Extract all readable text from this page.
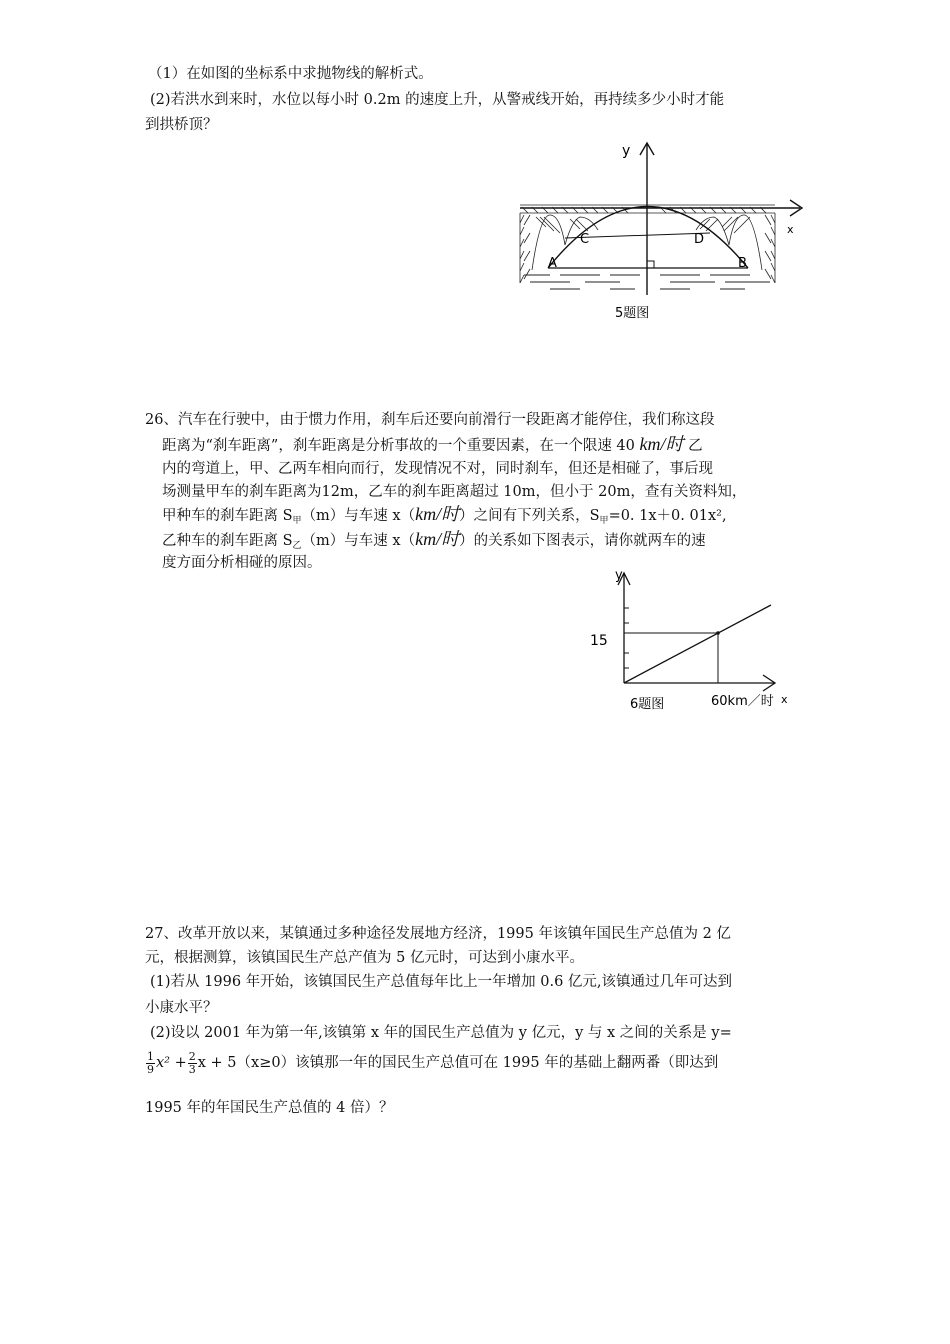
（1）在如图的坐标系中求抛物线的解析式。
(2)若洪水到来时，水位以每小时 0.2m 的速度上升，从警戒线开始，再持续多少小时才能
到拱桥顶？
y
x
A	B
C	D
5题图
26、汽车在行驶中，由于惯力作用，刹车后还要向前滑行一段距离才能停住，我们称这段
距离为“刹车距离”，刹车距离是分析事故的一个重要因素，在一个限速 40 km/时 乙
内的弯道上，甲、乙两车相向而行，发现情况不对，同时刹车，但还是相碰了，事后现
场测量甲车的刹车距离为12m，乙车的刹车距离超过 10m，但小于 20m，查有关资料知，
甲种车的刹车距离 $S_甲(m)$与车速 x（km/时）之间有下列关系，$S_甲=0$. 1x＋0. 01x²,
乙种车的刹车距离 $S_乙(m)$与车速 x（km/时）的关系如下图表示，请你就两车的速
度方面分析相碰的原因。
y
15
6题图	60km／时 x
27、改革开放以来，某镇通过多种途径发展地方经济，1995 年该镇年国民生产总值为 2 亿
元，根据测算，该镇国民生产总产值为 5 亿元时，可达到小康水平。
(1)若从 1996 年开始，该镇国民生产总值每年比上一年增加 0.6 亿元,该镇通过几年可达到
小康水平？
(2)设以 2001 年为第一年,该镇第 x 年的国民生产总值为 y 亿元，y 与 x 之间的关系是 y=
$\frac{1}{9} x^2 + \frac{2}{3}$ x + 5（x≥0）该镇那一年的国民生产总值可在 1995 年的基础上翻两番（即达到
1995 年的年国民生产总值的 4 倍）？
